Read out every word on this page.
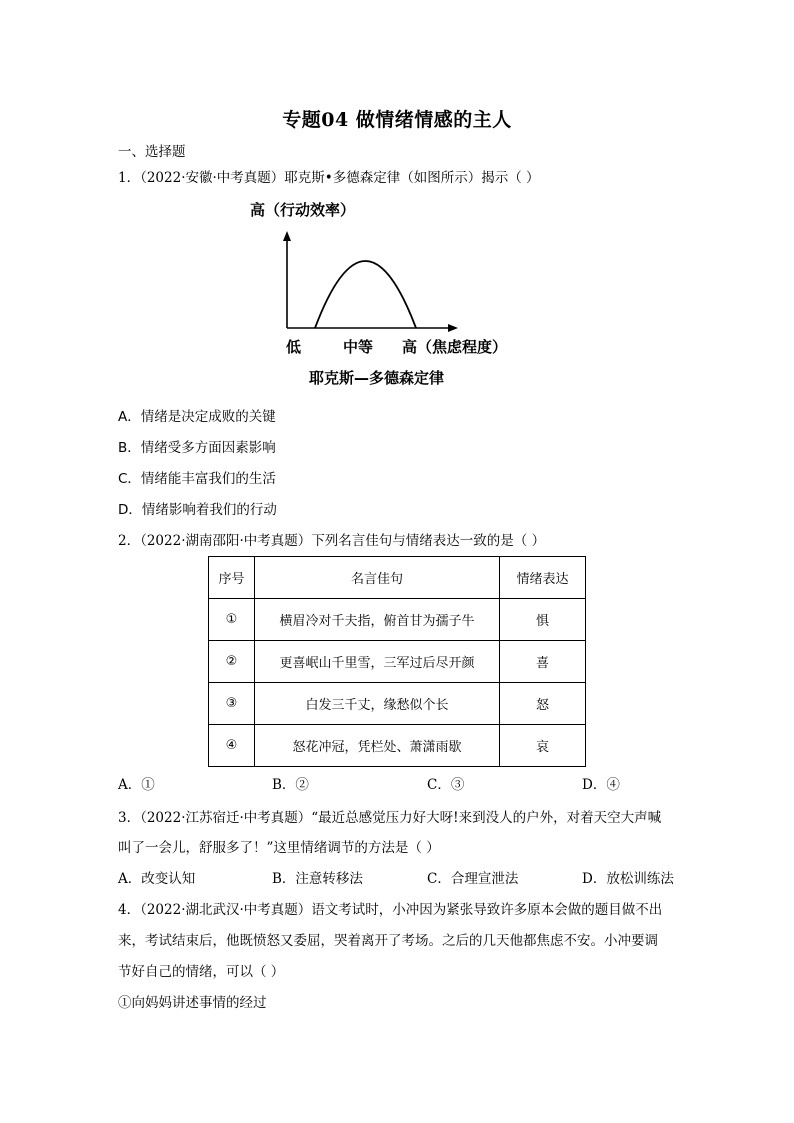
专题04 做情绪情感的主人
一、选择题
1．（2022·安徽·中考真题）耶克斯•多德森定律（如图所示）揭示（ ）
高（行动效率）
低	中等 高（焦虑程度）
耶克斯—多德森定律
A．情绪是决定成败的关键
B．情绪受多方面因素影响
C．情绪能丰富我们的生活
D．情绪影响着我们的行动
2．（2022·湖南邵阳·中考真题）下列名言佳句与情绪表达一致的是（ ）
序号	名言佳句	情绪表达
①	横眉冷对千夫指，俯首甘为孺子牛	惧
②	更喜岷山千里雪，三军过后尽开颜	喜
③	白发三千丈，缘愁似个长	怒
④	怒花冲冠，凭栏处、萧潇雨歇	哀
A．①	B．②	C．③	D．④
3．（2022·江苏宿迁·中考真题）“最近总感觉压力好大呀!来到没人的户外，对着天空大声喊
叫了一会儿，舒服多了！”这里情绪调节的方法是（ ）
A．改变认知	B．注意转移法	C．合理宣泄法	D．放松训练法
4．（2022·湖北武汉·中考真题）语文考试时，小冲因为紧张导致许多原本会做的题目做不出
来，考试结束后，他既愤怒又委屈，哭着离开了考场。之后的几天他都焦虑不安。小冲要调
节好自己的情绪，可以（ ）
①向妈妈讲述事情的经过
